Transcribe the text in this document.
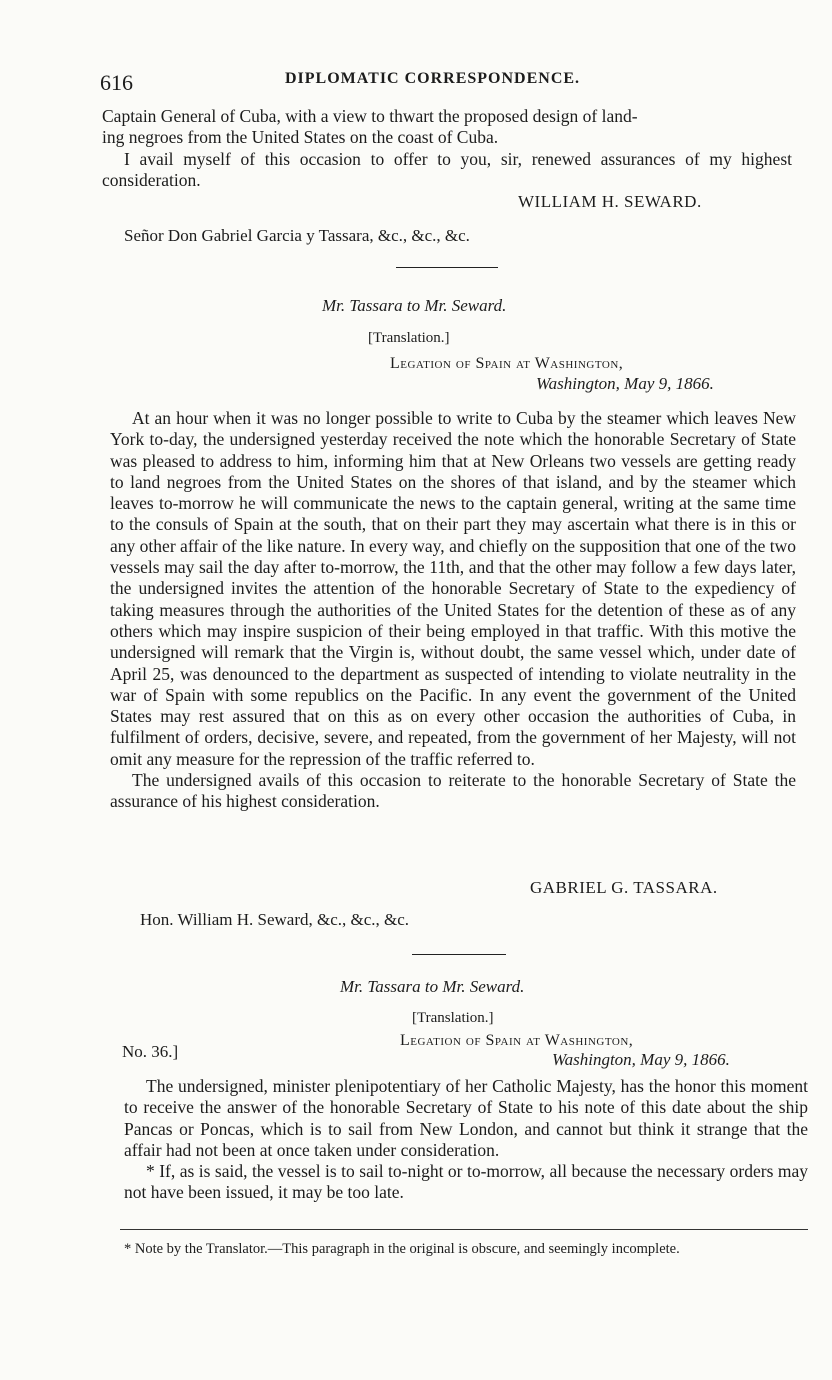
616	DIPLOMATIC CORRESPONDENCE.

Captain General of Cuba, with a view to thwart the proposed design of land-

ing negroes from the United States on the coast of Cuba.

I avail myself of this occasion to offer to you, sir, renewed assurances of my highest consideration.

WILLIAM H. SEWARD.
Señor Don Gabriel Garcia y Tassara, &c., &c., &c.
Mr. Tassara to Mr. Seward.
[Translation.]
Legation of Spain at Washington,
Washington, May 9, 1866.

At an hour when it was no longer possible to write to Cuba by the steamer which leaves New York to-day, the undersigned yesterday received the note which the honorable Secretary of State was pleased to address to him, informing him that at New Orleans two vessels are getting ready to land negroes from the United States on the shores of that island, and by the steamer which leaves to-morrow he will communicate the news to the captain general, writing at the same time to the consuls of Spain at the south, that on their part they may ascertain what there is in this or any other affair of the like nature. In every way, and chiefly on the supposition that one of the two vessels may sail the day after to-morrow, the 11th, and that the other may follow a few days later, the undersigned invites the attention of the honorable Secretary of State to the expediency of taking measures through the authorities of the United States for the detention of these as of any others which may inspire suspicion of their being employed in that traffic. With this motive the undersigned will remark that the Virgin is, without doubt, the same vessel which, under date of April 25, was denounced to the department as suspected of intending to violate neutrality in the war of Spain with some republics on the Pacific. In any event the government of the United States may rest assured that on this as on every other occasion the authorities of Cuba, in fulfilment of orders, decisive, severe, and repeated, from the government of her Majesty, will not omit any measure for the repression of the traffic referred to.

The undersigned avails of this occasion to reiterate to the honorable Secretary of State the assurance of his highest consideration.

GABRIEL G. TASSARA.
Hon. William H. Seward, &c., &c., &c.
Mr. Tassara to Mr. Seward.
[Translation.]
No. 36.]
Legation of Spain at Washington,
Washington, May 9, 1866.

The undersigned, minister plenipotentiary of her Catholic Majesty, has the honor this moment to receive the answer of the honorable Secretary of State to his note of this date about the ship Pancas or Poncas, which is to sail from New London, and cannot but think it strange that the affair had not been at once taken under consideration.

* If, as is said, the vessel is to sail to-night or to-morrow, all because the necessary orders may not have been issued, it may be too late.

* Note by the Translator.—This paragraph in the original is obscure, and seemingly incomplete.
